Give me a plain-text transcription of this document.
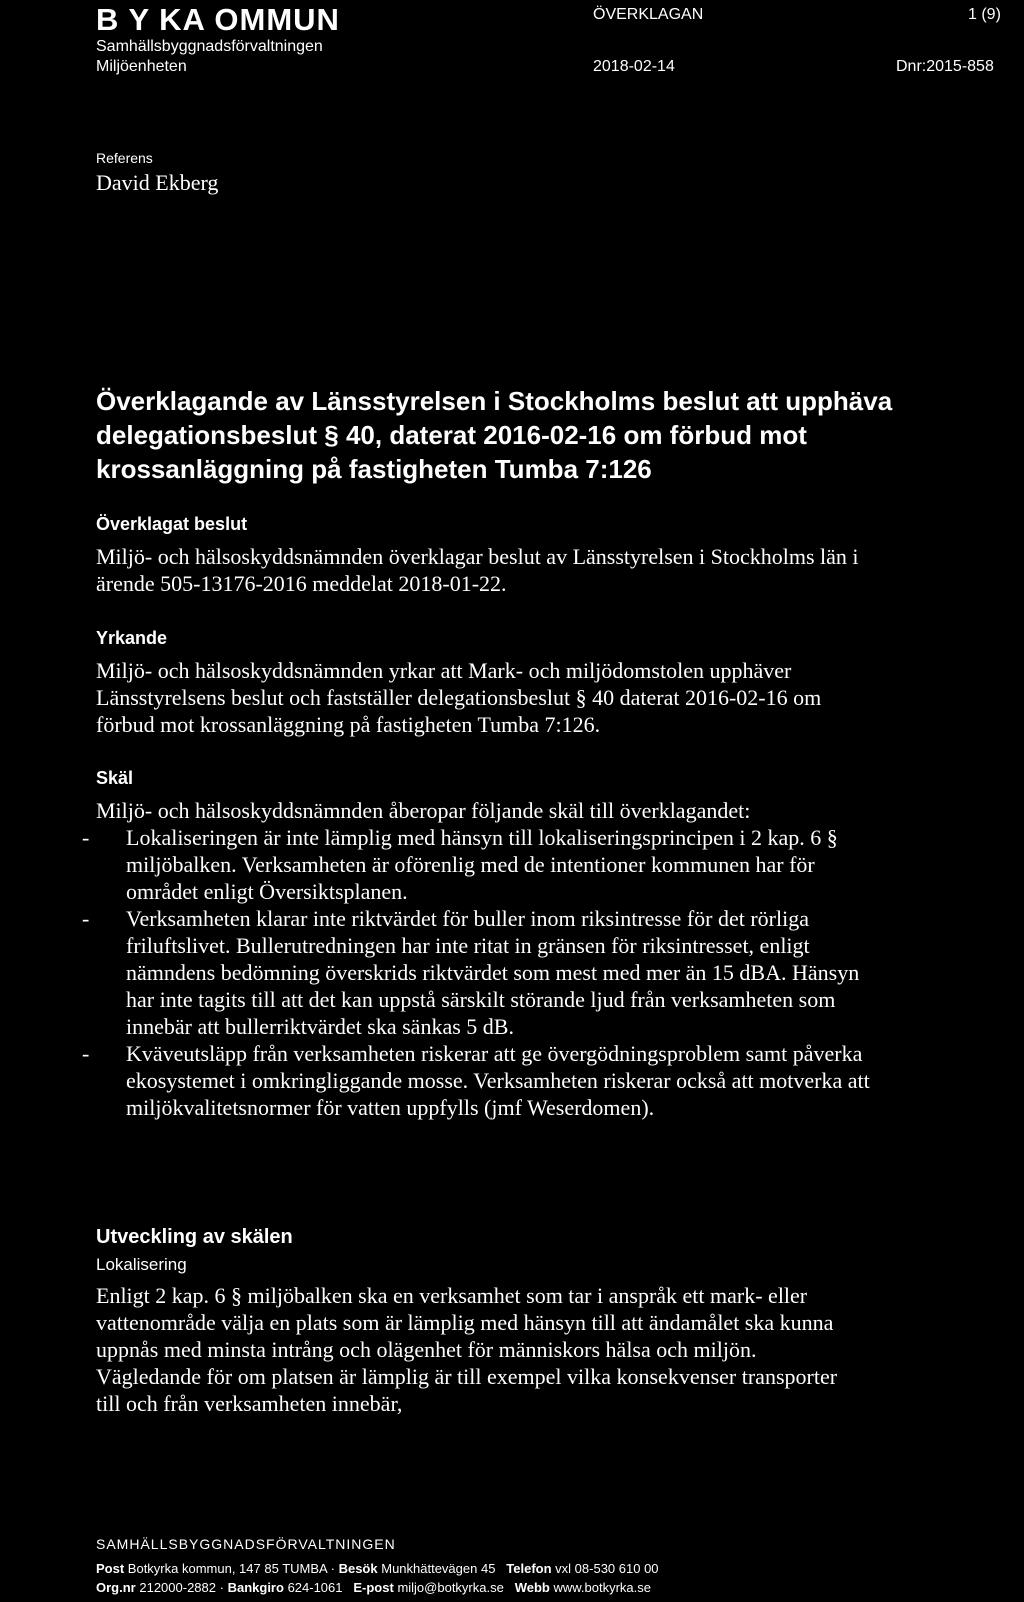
B Y KA OMMUN
Samhällsbyggnadsförvaltningen
Miljöenheten
ÖVERKLAGAN
2018-02-14
1 (9)
Dnr:2015-858
Referens
David Ekberg
Överklagande av Länsstyrelsen i Stockholms beslut att upphäva delegationsbeslut § 40, daterat 2016-02-16 om förbud mot krossanläggning på fastigheten Tumba 7:126
Överklagat beslut
Miljö- och hälsoskyddsnämnden överklagar beslut av Länsstyrelsen i Stockholms län i ärende 505-13176-2016 meddelat 2018-01-22.
Yrkande
Miljö- och hälsoskyddsnämnden yrkar att Mark- och miljödomstolen upphäver Länsstyrelsens beslut och fastställer delegationsbeslut § 40 daterat 2016-02-16 om förbud mot krossanläggning på fastigheten Tumba 7:126.
Skäl
Miljö- och hälsoskyddsnämnden åberopar följande skäl till överklagandet:
- Lokaliseringen är inte lämplig med hänsyn till lokaliseringsprincipen i 2 kap. 6 § miljöbalken. Verksamheten är oförenlig med de intentioner kommunen har för området enligt Översiktsplanen.
- Verksamheten klarar inte riktvärdet för buller inom riksintresse för det rörliga friluftslivet. Bullerutredningen har inte ritat in gränsen för riksintresset, enligt nämndens bedömning överskrids riktvärdet som mest med mer än 15 dBA. Hänsyn har inte tagits till att det kan uppstå särskilt störande ljud från verksamheten som innebär att bullerriktvärdet ska sänkas 5 dB.
- Kväveutsläpp från verksamheten riskerar att ge övergödningsproblem samt påverka ekosystemet i omkringliggande mosse. Verksamheten riskerar också att motverka att miljökvalitetsnormer för vatten uppfylls (jmf Weserdomen).
Utveckling av skälen
Lokalisering
Enligt 2 kap. 6 § miljöbalken ska en verksamhet som tar i anspråk ett mark- eller vattenområde välja en plats som är lämplig med hänsyn till att ändamålet ska kunna uppnås med minsta intrång och olägenhet för människors hälsa och miljön. Vägledande för om platsen är lämplig är till exempel vilka konsekvenser transporter till och från verksamheten innebär,
SAMHÄLLSBYGGNADSFÖRVALTNINGEN
Post Botkyrka kommun, 147 85 TUMBA · Besök Munkhättevägen 45 Telefon vxl 08-530 610 00
Org.nr 212000-2882 · Bankgiro 624-1061 E-post miljo@botkyrka.se Webb www.botkyrka.se
